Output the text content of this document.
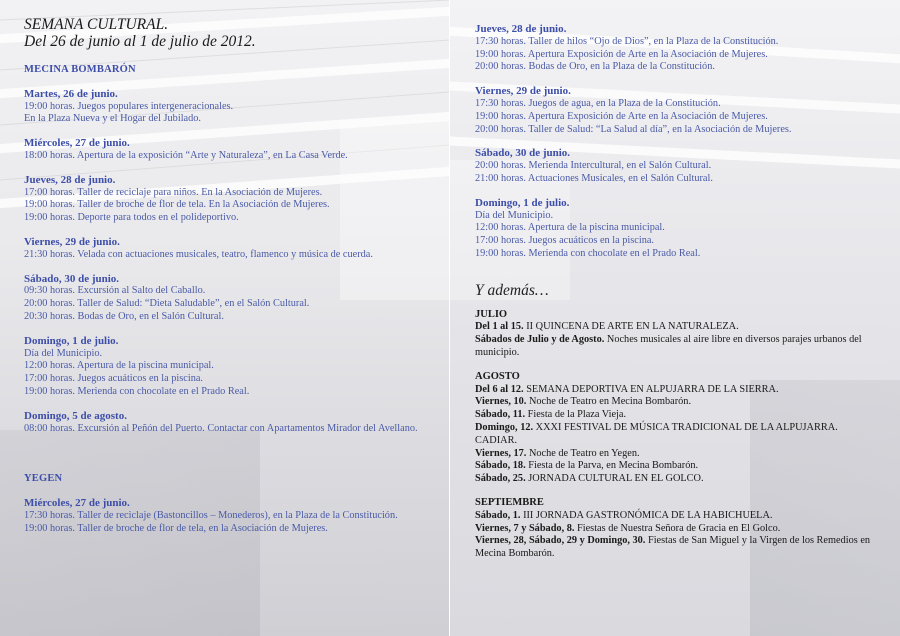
SEMANA CULTURAL.
Del 26 de junio al 1 de julio de 2012.
MECINA BOMBARÓN
Martes, 26 de junio.
19:00 horas. Juegos populares intergeneracionales.
En la Plaza Nueva y el Hogar del Jubilado.
Miércoles, 27 de junio.
18:00 horas. Apertura de la exposición “Arte y Naturaleza”, en La Casa Verde.
Jueves, 28 de junio.
17:00 horas. Taller de reciclaje para niños. En la Asociación de Mujeres.
19:00 horas. Taller de broche de flor de tela. En la Asociación de Mujeres.
19:00 horas. Deporte para todos en el polideportivo.
Viernes, 29 de junio.
21:30 horas. Velada con actuaciones musicales, teatro, flamenco y música de cuerda.
Sábado, 30 de junio.
09:30 horas. Excursión al Salto del Caballo.
20:00 horas. Taller de Salud: “Dieta Saludable”, en el Salón Cultural.
20:30 horas. Bodas de Oro, en el Salón Cultural.
Domingo, 1 de julio.
Día del Municipio.
12:00 horas. Apertura de la piscina municipal.
17:00 horas. Juegos acuáticos en la piscina.
19:00 horas. Merienda con chocolate en el Prado Real.
Domingo, 5 de agosto.
08:00 horas. Excursión al Peñón del Puerto. Contactar con Apartamentos Mirador del Avellano.
YEGEN
Miércoles, 27 de junio.
17:30 horas. Taller de reciclaje (Bastoncillos – Monederos), en la Plaza de la Constitución.
19:00 horas. Taller de broche de flor de tela, en la Asociación de Mujeres.
Jueves, 28 de junio.
17:30 horas. Taller de hilos “Ojo de Dios”, en la Plaza de la Constitución.
19:00 horas. Apertura Exposición de Arte en la Asociación de Mujeres.
20:00 horas. Bodas de Oro, en la Plaza de la Constitución.
Viernes, 29 de junio.
17:30 horas. Juegos de agua, en la Plaza de la Constitución.
19:00 horas. Apertura Exposición de Arte en la Asociación de Mujeres.
20:00 horas. Taller de Salud: “La Salud al día”, en la Asociación de Mujeres.
Sábado, 30 de junio.
20:00 horas. Merienda Intercultural, en el Salón Cultural.
21:00 horas. Actuaciones Musicales, en el Salón Cultural.
Domingo, 1 de julio.
Día del Municipio.
12:00 horas. Apertura de la piscina municipal.
17:00 horas. Juegos acuáticos en la piscina.
19:00 horas. Merienda con chocolate en el Prado Real.
Y además…
JULIO
Del 1 al 15. II QUINCENA DE ARTE EN LA NATURALEZA.
Sábados de Julio y de Agosto. Noches musicales al aire libre en diversos parajes urbanos del municipio.
AGOSTO
Del 6 al 12. SEMANA DEPORTIVA EN ALPUJARRA DE LA SIERRA.
Viernes, 10. Noche de Teatro en Mecina Bombarón.
Sábado, 11. Fiesta de la Plaza Vieja.
Domingo, 12. XXXI FESTIVAL DE MÚSICA TRADICIONAL DE LA ALPUJARRA. CADIAR.
Viernes, 17. Noche de Teatro en Yegen.
Sábado, 18. Fiesta de la Parva, en Mecina Bombarón.
Sábado, 25. JORNADA CULTURAL EN EL GOLCO.
SEPTIEMBRE
Sábado, 1. III JORNADA GASTRONÓMICA DE LA HABICHUELA.
Viernes, 7 y Sábado, 8. Fiestas de Nuestra Señora de Gracia en El Golco.
Viernes, 28, Sábado, 29 y Domingo, 30. Fiestas de San Miguel y la Virgen de los Remedios en Mecina Bombarón.
